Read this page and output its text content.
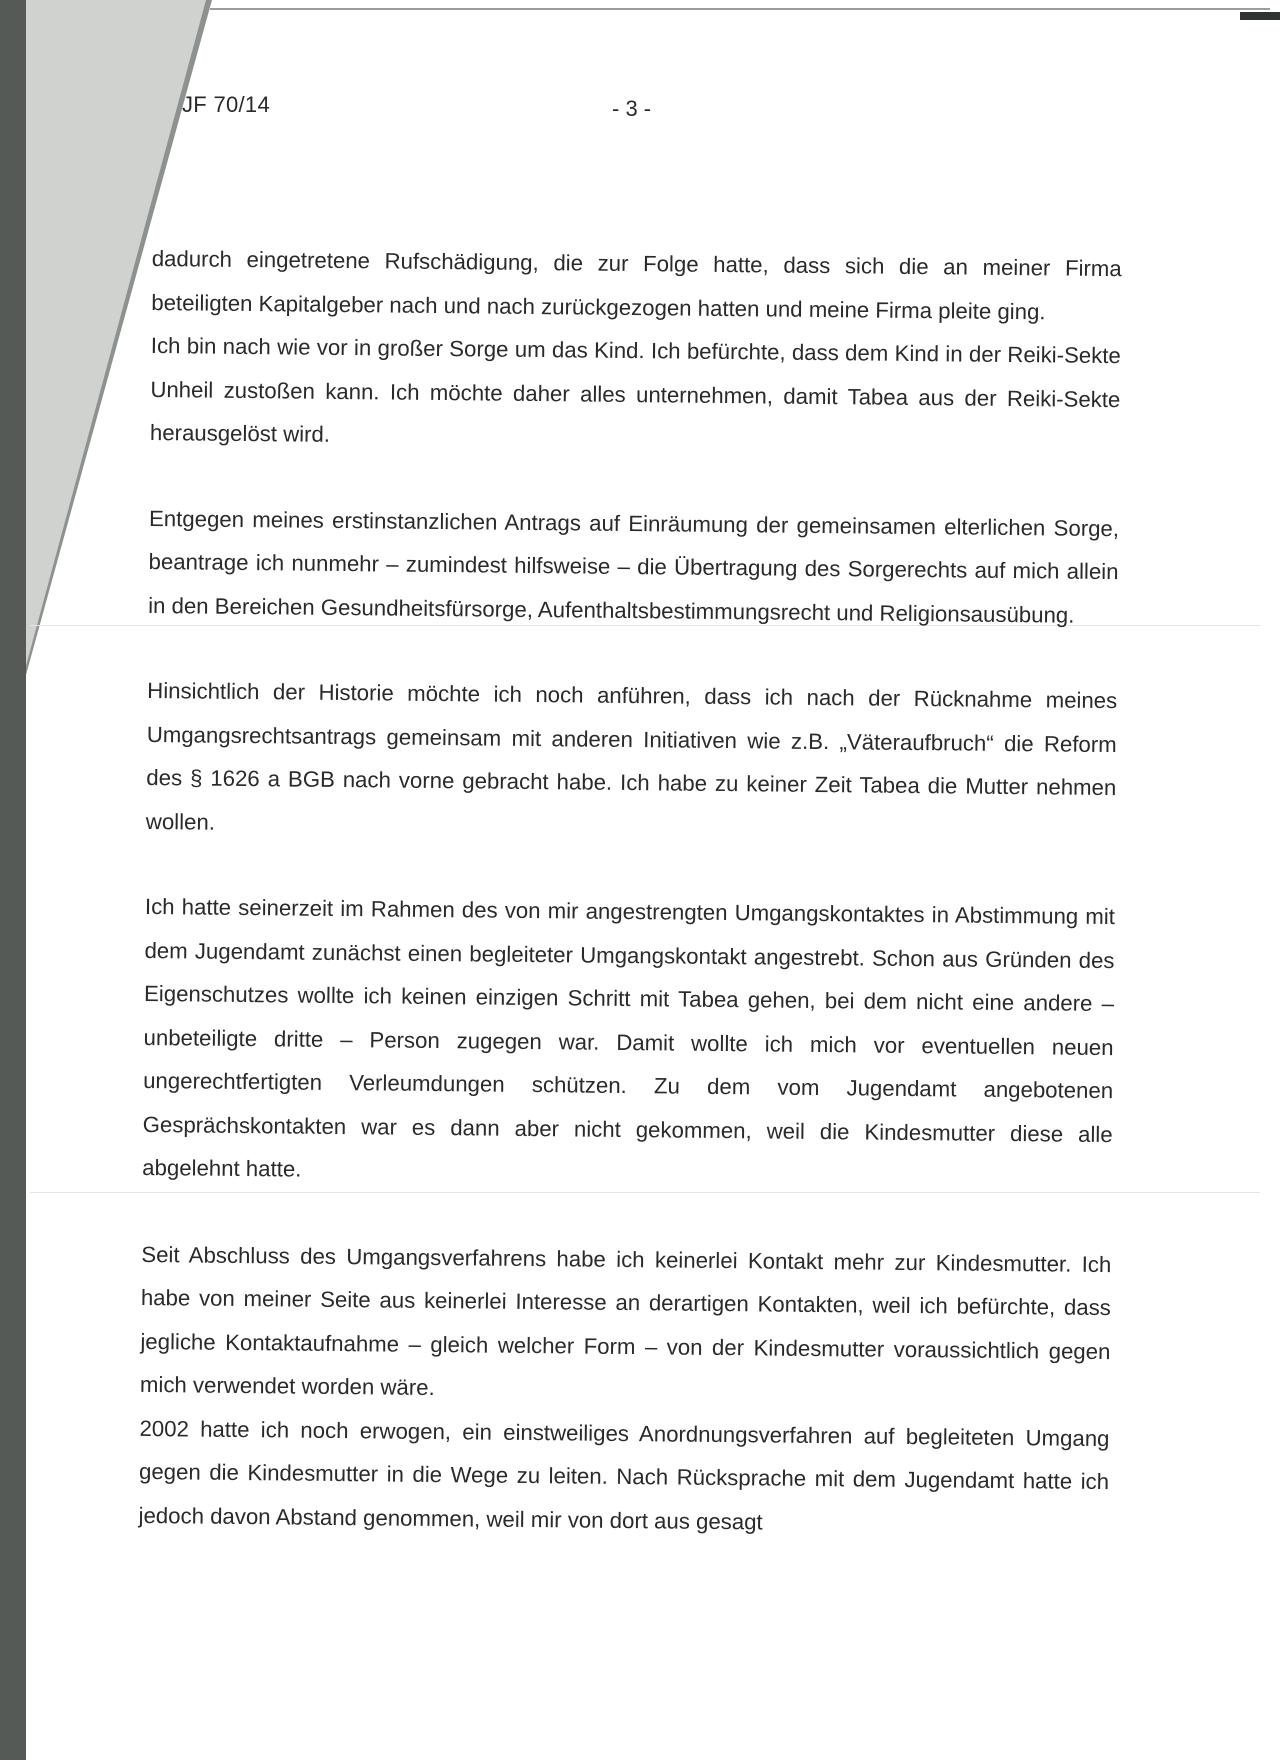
JF 70/14	- 3 -

dadurch eingetretene Rufschädigung, die zur Folge hatte, dass sich die an meiner Firma beteiligten Kapitalgeber nach und nach zurückgezogen hatten und meine Firma pleite ging.

Ich bin nach wie vor in großer Sorge um das Kind. Ich befürchte, dass dem Kind in der Reiki-Sekte Unheil zustoßen kann. Ich möchte daher alles unternehmen, damit Tabea aus der Reiki-Sekte herausgelöst wird.

Entgegen meines erstinstanzlichen Antrags auf Einräumung der gemeinsamen elterlichen Sorge, beantrage ich nunmehr – zumindest hilfsweise – die Übertragung des Sorgerechts auf mich allein in den Bereichen Gesundheitsfürsorge, Aufenthaltsbestimmungsrecht und Religionsausübung.

Hinsichtlich der Historie möchte ich noch anführen, dass ich nach der Rücknahme meines Umgangsrechtsantrags gemeinsam mit anderen Initiativen wie z.B. „Väteraufbruch“ die Reform des § 1626 a BGB nach vorne gebracht habe. Ich habe zu keiner Zeit Tabea die Mutter nehmen wollen.

Ich hatte seinerzeit im Rahmen des von mir angestrengten Umgangskontaktes in Abstimmung mit dem Jugendamt zunächst einen begleiteter Umgangskontakt angestrebt. Schon aus Gründen des Eigenschutzes wollte ich keinen einzigen Schritt mit Tabea gehen, bei dem nicht eine andere – unbeteiligte dritte – Person zugegen war. Damit wollte ich mich vor eventuellen neuen ungerechtfertigten Verleumdungen schützen. Zu dem vom Jugendamt angebotenen Gesprächskontakten war es dann aber nicht gekommen, weil die Kindesmutter diese alle abgelehnt hatte.

Seit Abschluss des Umgangsverfahrens habe ich keinerlei Kontakt mehr zur Kindesmutter. Ich habe von meiner Seite aus keinerlei Interesse an derartigen Kontakten, weil ich befürchte, dass jegliche Kontaktaufnahme – gleich welcher Form – von der Kindesmutter voraussichtlich gegen mich verwendet worden wäre.

2002 hatte ich noch erwogen, ein einstweiliges Anordnungsverfahren auf begleiteten Umgang gegen die Kindesmutter in die Wege zu leiten. Nach Rücksprache mit dem Jugendamt hatte ich jedoch davon Abstand genommen, weil mir von dort aus gesagt
